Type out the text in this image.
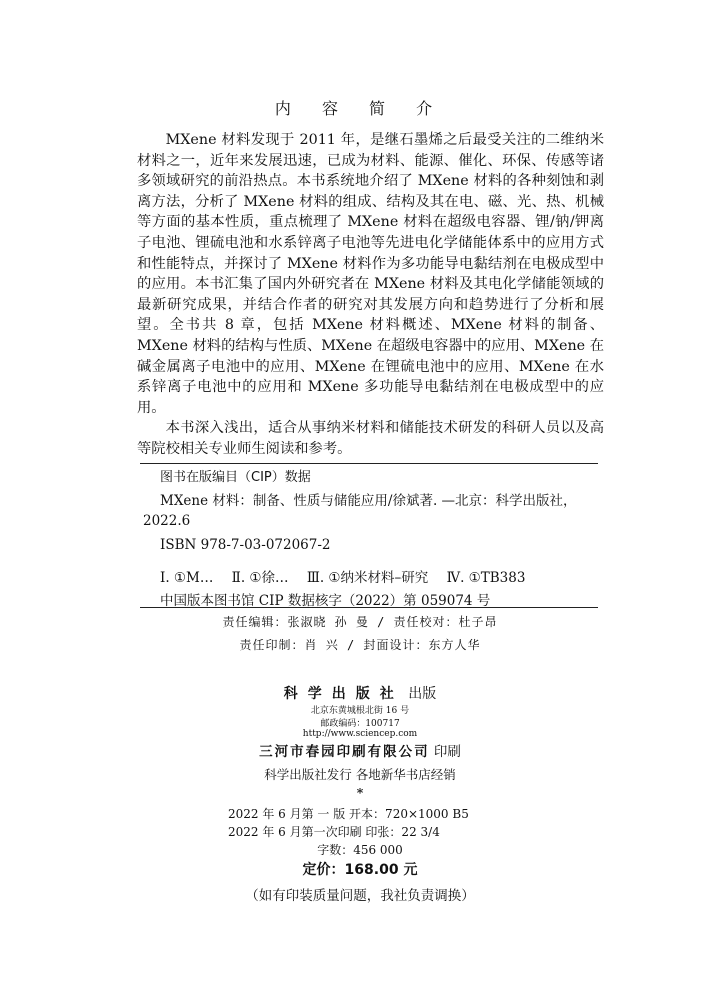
内 容 简 介

MXene 材料发现于 2011 年，是继石墨烯之后最受关注的二维纳米材料之一，近年来发展迅速，已成为材料、能源、催化、环保、传感等诸多领域研究的前沿热点。本书系统地介绍了 MXene 材料的各种刻蚀和剥离方法，分析了 MXene 材料的组成、结构及其在电、磁、光、热、机械等方面的基本性质，重点梳理了 MXene 材料在超级电容器、锂/钠/钾离子电池、锂硫电池和水系锌离子电池等先进电化学储能体系中的应用方式和性能特点，并探讨了 MXene 材料作为多功能导电黏结剂在电极成型中的应用。本书汇集了国内外研究者在 MXene 材料及其电化学储能领域的最新研究成果，并结合作者的研究对其发展方向和趋势进行了分析和展望。全书共 8 章，包括 MXene 材料概述、MXene 材料的制备、MXene 材料的结构与性质、MXene 在超级电容器中的应用、MXene 在碱金属离子电池中的应用、MXene 在锂硫电池中的应用、MXene 在水系锌离子电池中的应用和 MXene 多功能导电黏结剂在电极成型中的应用。

本书深入浅出，适合从事纳米材料和储能技术研发的科研人员以及高等院校相关专业师生阅读和参考。

图书在版编目（CIP）数据
MXene 材料：制备、性质与储能应用/徐斌著. —北京：科学出版社，
2022.6
ISBN 978-7-03-072067-2
Ⅰ. ①M… Ⅱ. ①徐… Ⅲ. ①纳米材料–研究 Ⅳ. ①TB383
中国版本图书馆 CIP 数据核字（2022）第 059074 号
责任编辑：张淑晓 孙 曼 / 责任校对：杜子昂
责任印制：肖 兴 / 封面设计：东方人华
科学出版社 出版
北京东黄城根北街 16 号
邮政编码：100717
http://www.sciencep.com
三河市春园印刷有限公司 印刷
科学出版社发行 各地新华书店经销
*
2022 年 6 月第 一 版 开本：720×1000 B5
2022 年 6 月第一次印刷 印张：22 3/4
字数：456 000
定价：168.00 元
（如有印装质量问题，我社负责调换）
